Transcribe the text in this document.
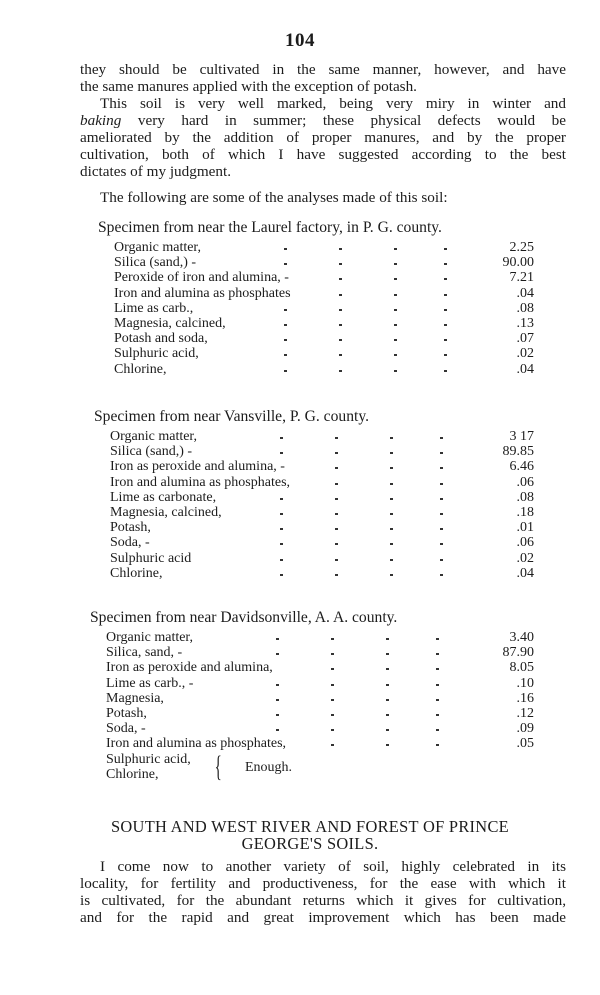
104
they should be cultivated in the same manner, however, and have
the same manures applied with the exception of potash.
This soil is very well marked, being very miry in winter and
baking very hard in summer; these physical defects would be
ameliorated by the addition of proper manures, and by the proper
cultivation, both of which I have suggested according to the best
dictates of my judgment.
The following are some of the analyses made of this soil:
Specimen from near the Laurel factory, in P. G. county.
Organic matter,	2.25
Silica (sand,) -	90.00
Peroxide of iron and alumina, -	7.21
Iron and alumina as phosphates	.04
Lime as carb.,	.08
Magnesia, calcined,	.13
Potash and soda,	.07
Sulphuric acid,	.02
Chlorine,	.04
Specimen from near Vansville, P. G. county.
Organic matter,	3 17
Silica (sand,) -	89.85
Iron as peroxide and alumina, -	6.46
Iron and alumina as phosphates,	.06
Lime as carbonate,	.08
Magnesia, calcined,	.18
Potash,	.01
Soda, -	.06
Sulphuric acid	.02
Chlorine,	.04
Specimen from near Davidsonville, A. A. county.
Organic matter,	3.40
Silica, sand, -	87.90
Iron as peroxide and alumina,	8.05
Lime as carb., -	.10
Magnesia,	.16
Potash,	.12
Soda, -	.09
Iron and alumina as phosphates,	.05
Sulphuric acid,
Chlorine, { Enough.
SOUTH AND WEST RIVER AND FOREST OF PRINCE
GEORGE'S SOILS.
I come now to another variety of soil, highly celebrated in its
locality, for fertility and productiveness, for the ease with which it
is cultivated, for the abundant returns which it gives for cultivation,
and for the rapid and great improvement which has been made
